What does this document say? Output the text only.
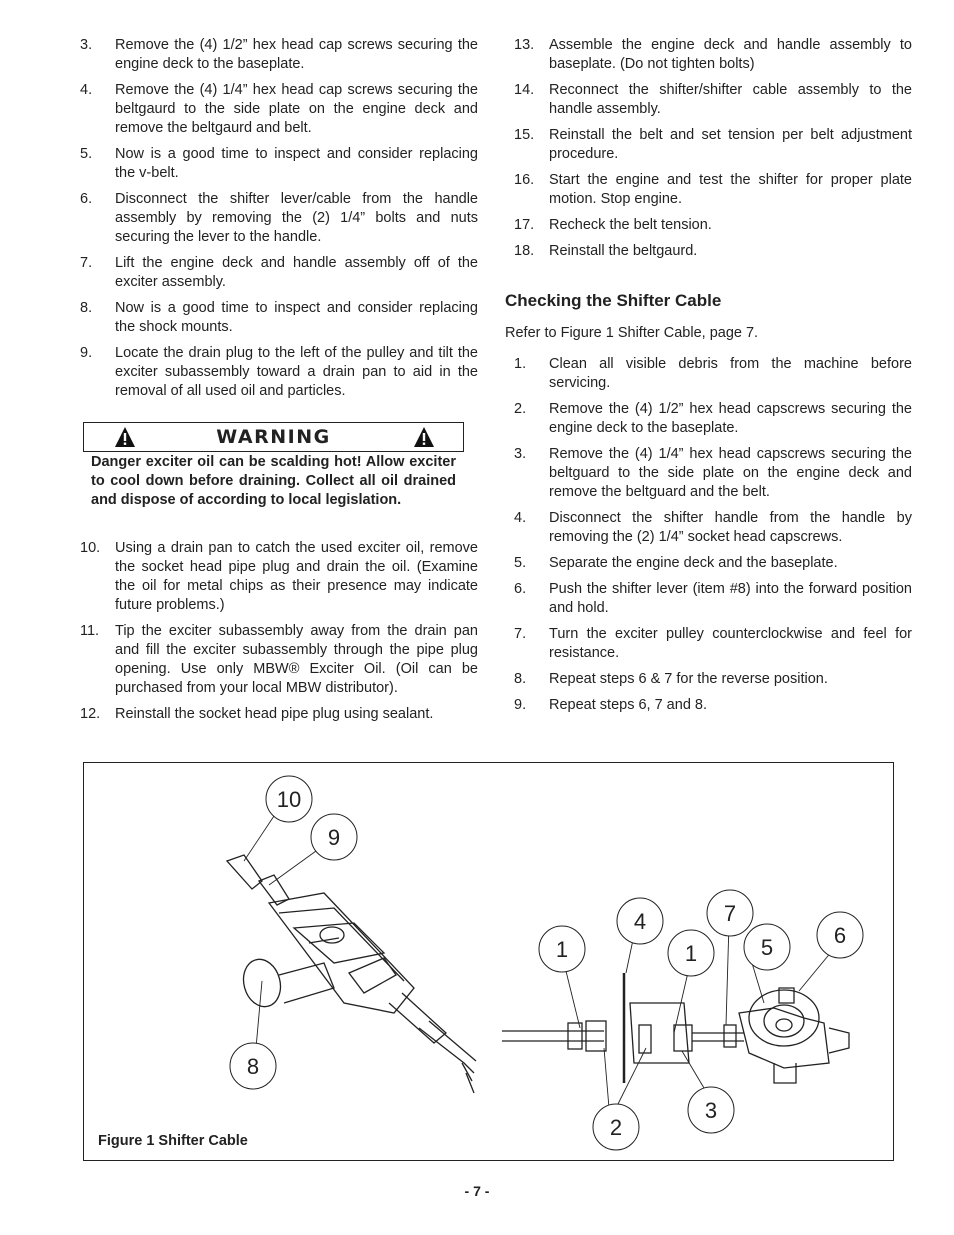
3.	Remove the (4) 1/2” hex head cap screws securing the engine deck to the baseplate.
4.	Remove the (4) 1/4” hex head cap screws securing the beltgaurd to the side plate on the engine deck and remove the beltgaurd and belt.
5.	Now is a good time to inspect and consider replacing the v-belt.
6.	Disconnect the shifter lever/cable from the handle assembly by removing the (2) 1/4” bolts and nuts securing the lever to the handle.
7.	Lift the engine deck and handle assembly off of the exciter assembly.
8.	Now is a good time to inspect and consider replacing the shock mounts.
9.	Locate the drain plug to the left of the pulley and tilt the exciter subassembly toward a drain pan to aid in the removal of all used oil and particles.
WARNING
Danger exciter oil can be scalding hot! Allow exciter to cool down before draining. Collect all oil drained and dispose of according to local legislation.
10.	Using a drain pan to catch the used exciter oil, remove the socket head pipe plug and drain the oil. (Examine the oil for metal chips as their presence may indicate future problems.)
11.	Tip the exciter subassembly away from the drain pan and fill the exciter subassembly through the pipe plug opening. Use only MBW® Exciter Oil. (Oil can be purchased from your local MBW distributor).
12.	Reinstall the socket head pipe plug using sealant.
13.	Assemble the engine deck and handle assembly to baseplate. (Do not tighten bolts)
14.	Reconnect the shifter/shifter cable assembly to the handle assembly.
15.	Reinstall the belt and set tension per belt adjustment procedure.
16.	Start the engine and test the shifter for proper plate motion. Stop engine.
17.	Recheck the belt tension.
18.	Reinstall the beltgaurd.
Checking the Shifter Cable
Refer to Figure 1 Shifter Cable, page 7.
1.	Clean all visible debris from the machine before servicing.
2.	Remove the (4) 1/2” hex head capscrews securing the engine deck to the baseplate.
3.	Remove the (4) 1/4” hex head capscrews securing the beltguard to the side plate on the engine deck and remove the beltguard and the belt.
4.	Disconnect the shifter handle from the handle by removing the (2) 1/4” socket head capscrews.
5.	Separate the engine deck and the baseplate.
6.	Push the shifter lever (item #8) into the forward position and hold.
7.	Turn the exciter pulley counterclockwise and feel for resistance.
8.	Repeat steps 6 & 7 for the reverse position.
9.	Repeat steps 6, 7 and 8.
10
9
8
1
4
1
7
5	6
2
3
Figure 1 Shifter Cable
- 7 -
